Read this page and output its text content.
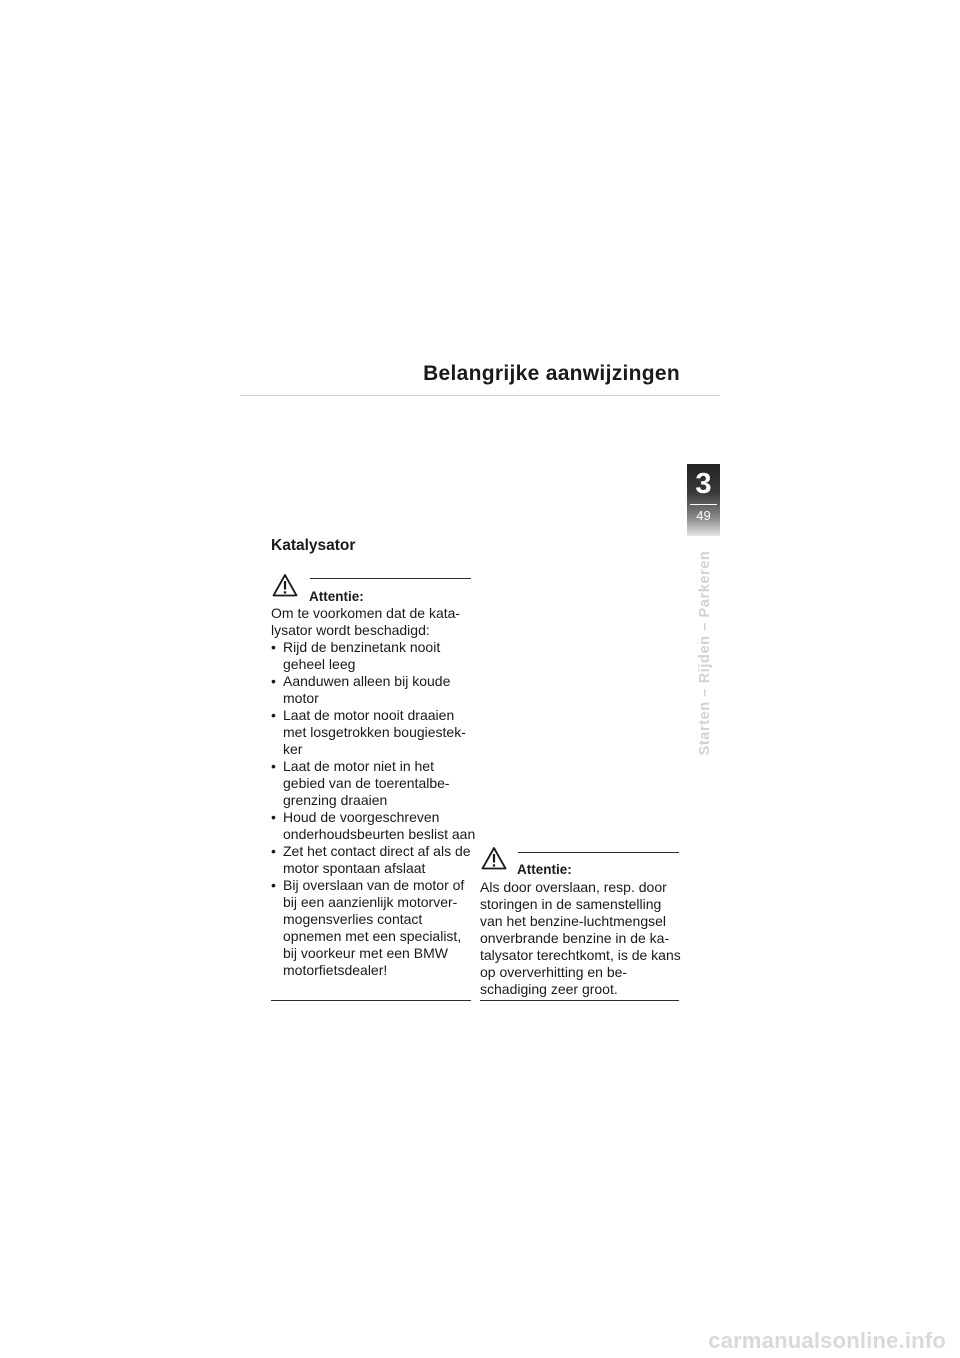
Belangrijke aanwijzingen
3
49
Starten – Rijden – Parkeren
Katalysator
Attentie:
Om te voorkomen dat de kata-lysator wordt beschadigd:
• Rijd de benzinetank nooit geheel leeg
• Aanduwen alleen bij koude motor
• Laat de motor nooit draaien met losgetrokken bougiestek-ker
• Laat de motor niet in het gebied van de toerentalbe-grenzing draaien
• Houd de voorgeschreven onderhoudsbeurten beslist aan
• Zet het contact direct af als de motor spontaan afslaat
• Bij overslaan van de motor of bij een aanzienlijk motorver-mogensverlies contact opnemen met een specialist, bij voorkeur met een BMW motorfietsdealer!
Attentie:
Als door overslaan, resp. door storingen in de samenstelling van het benzine-luchtmengsel onverbrande benzine in de ka-talysator terechtkomt, is de kans op oververhitting en be-schadiging zeer groot.
carmanualsonline.info
